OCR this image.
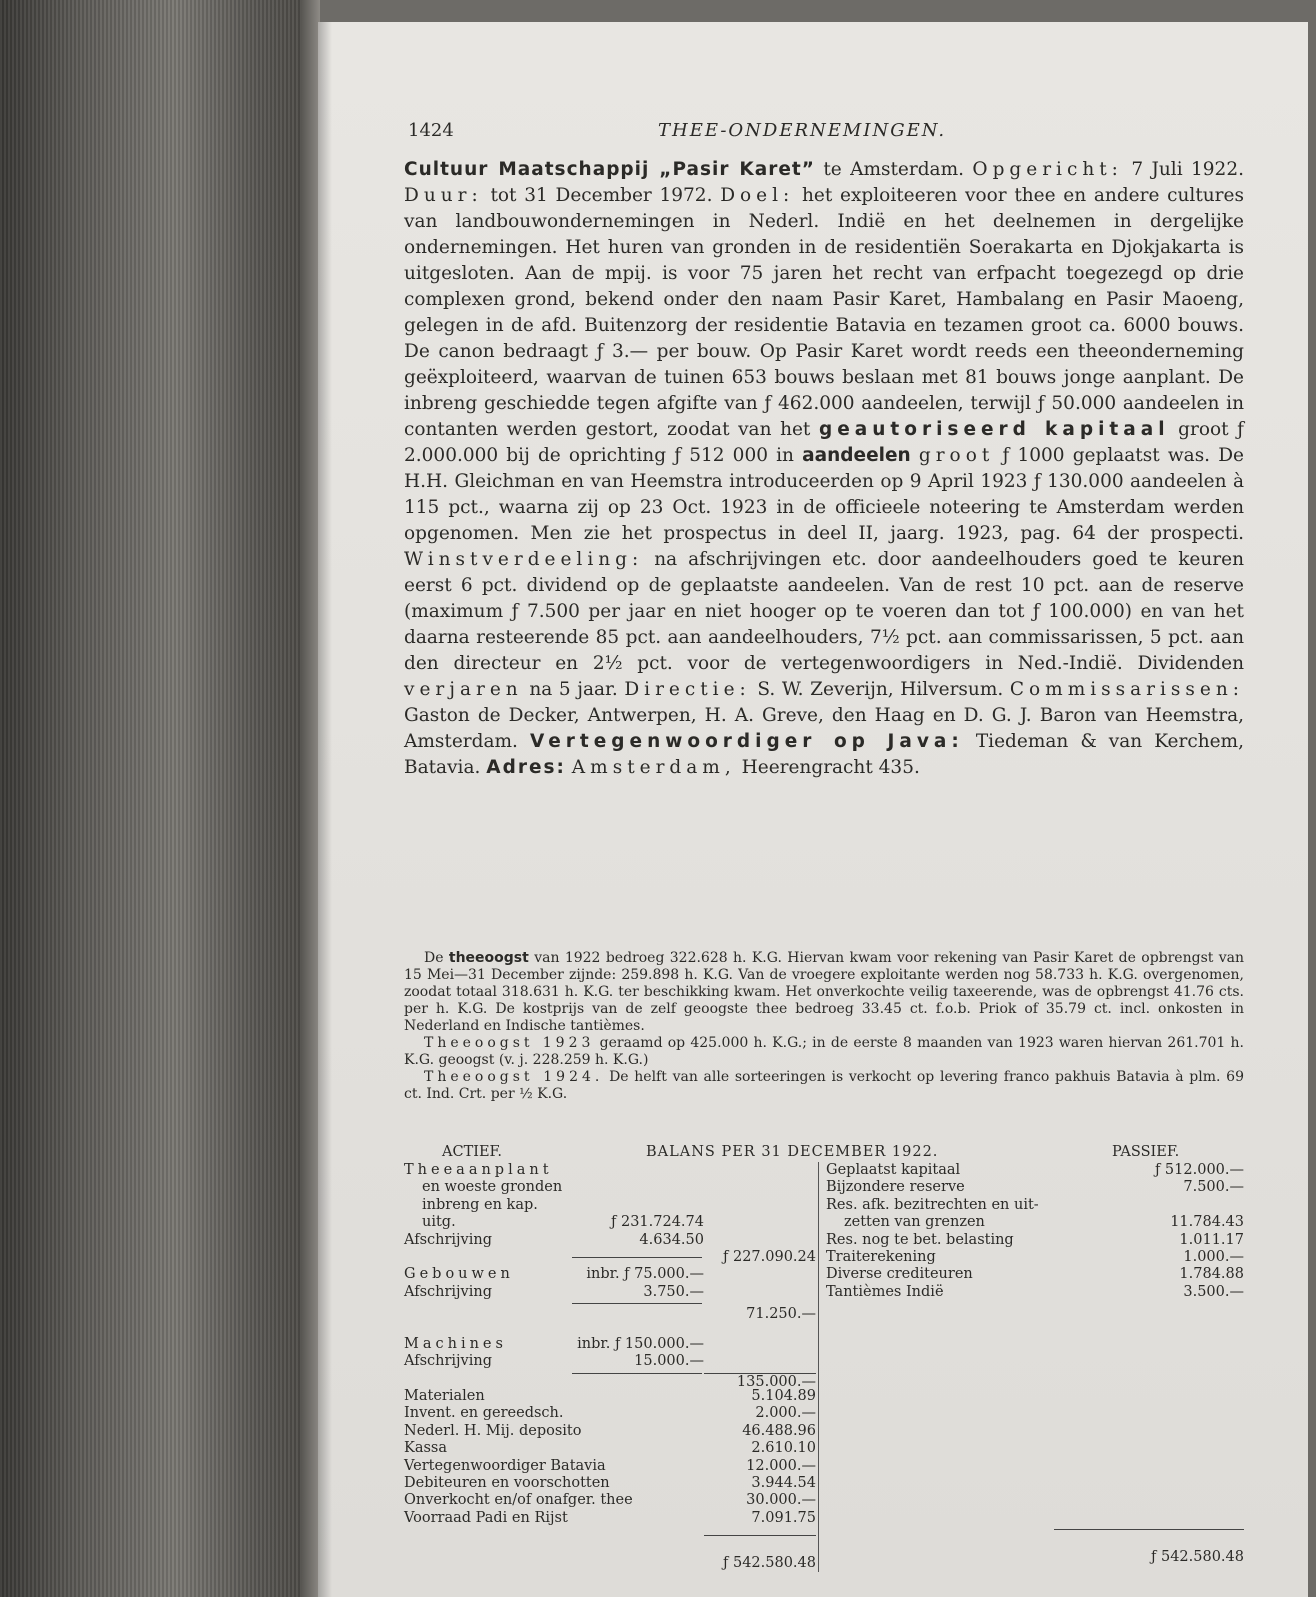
1424	THEE-ONDERNEMINGEN.
Cultuur Maatschappij „Pasir Karet” te Amsterdam. Opgericht: 7 Juli 1922. Duur: tot 31 December 1972. Doel: het exploiteeren voor thee en andere cultures van landbouwondernemingen in Nederl. Indië en het deelnemen in dergelijke ondernemingen. Het huren van gronden in de residentiën Soerakarta en Djokjakarta is uitgesloten. Aan de mpij. is voor 75 jaren het recht van erfpacht toegezegd op drie complexen grond, bekend onder den naam Pasir Karet, Hambalang en Pasir Maoeng, gelegen in de afd. Buitenzorg der residentie Batavia en tezamen groot ca. 6000 bouws. De canon bedraagt ƒ 3.— per bouw. Op Pasir Karet wordt reeds een theeonderneming geëxploiteerd, waarvan de tuinen 653 bouws beslaan met 81 bouws jonge aanplant. De inbreng geschiedde tegen afgifte van ƒ 462.000 aandeelen, terwijl ƒ 50.000 aandeelen in contanten werden gestort, zoodat van het geautoriseerd kapitaal groot ƒ 2.000.000 bij de oprichting ƒ 512 000 in aandeelen groot ƒ 1000 geplaatst was. De H.H. Gleichman en van Heemstra introduceerden op 9 April 1923 ƒ 130.000 aandeelen à 115 pct., waarna zij op 23 Oct. 1923 in de officieele noteering te Amsterdam werden opgenomen. Men zie het prospectus in deel II, jaarg. 1923, pag. 64 der prospecti. Winstverdeeling: na afschrijvingen etc. door aandeelhouders goed te keuren eerst 6 pct. dividend op de geplaatste aandeelen. Van de rest 10 pct. aan de reserve (maximum ƒ 7.500 per jaar en niet hooger op te voeren dan tot ƒ 100.000) en van het daarna resteerende 85 pct. aan aandeelhouders, 7½ pct. aan commissarissen, 5 pct. aan den directeur en 2½ pct. voor de vertegenwoordigers in Ned.-Indië. Dividenden verjaren na 5 jaar. Directie: S. W. Zeverijn, Hilversum. Commissarissen: Gaston de Decker, Antwerpen, H. A. Greve, den Haag en D. G. J. Baron van Heemstra, Amsterdam. Vertegenwoordiger op Java: Tiedeman & van Kerchem, Batavia. Adres: Amsterdam, Heerengracht 435.

De theeoogst van 1922 bedroeg 322.628 h. K.G. Hiervan kwam voor rekening van Pasir Karet de opbrengst van 15 Mei—31 December zijnde: 259.898 h. K.G. Van de vroegere exploitante werden nog 58.733 h. K.G. overgenomen, zoodat totaal 318.631 h. K.G. ter beschikking kwam. Het onverkochte veilig taxeerende, was de opbrengst 41.76 cts. per h. K.G. De kostprijs van de zelf geoogste thee bedroeg 33.45 ct. f.o.b. Priok of 35.79 ct. incl. onkosten in Nederland en Indische tantièmes.

Theeoogst 1923 geraamd op 425.000 h. K.G.; in de eerste 8 maanden van 1923 waren hiervan 261.701 h. K.G. geoogst (v. j. 228.259 h. K.G.)

Theeoogst 1924. De helft van alle sorteeringen is verkocht op levering franco pakhuis Batavia à plm. 69 ct. Ind. Crt. per ½ K.G.

ACTIEF.	BALANS PER 31 DECEMBER 1922.	PASSIEF.
Theeaanplant
en woeste gronden
inbreng en kap.
uitg.	ƒ 231.724.74
Afschrijving	4.634.50
ƒ 227.090.24
Gebouwen	inbr. ƒ 75.000.—
Afschrijving	3.750.—
71.250.—
Machines	inbr. ƒ 150.000.—
Afschrijving	15.000.—
135.000.—
Materialen	5.104.89
Invent. en gereedsch.	2.000.—
Nederl. H. Mij. deposito	46.488.96
Kassa	2.610.10
Vertegenwoordiger Batavia	12.000.—
Debiteuren en voorschotten	3.944.54
Onverkocht en/of onafger. thee	30.000.—
Voorraad Padi en Rijst	7.091.75
ƒ 542.580.48
Geplaatst kapitaal	ƒ 512.000.—
Bijzondere reserve	7.500.—
Res. afk. bezitrechten en uit-
zetten van grenzen	11.784.43
Res. nog te bet. belasting	1.011.17
Traiterekening	1.000.—
Diverse crediteuren	1.784.88
Tantièmes Indië	3.500.—
ƒ 542.580.48
